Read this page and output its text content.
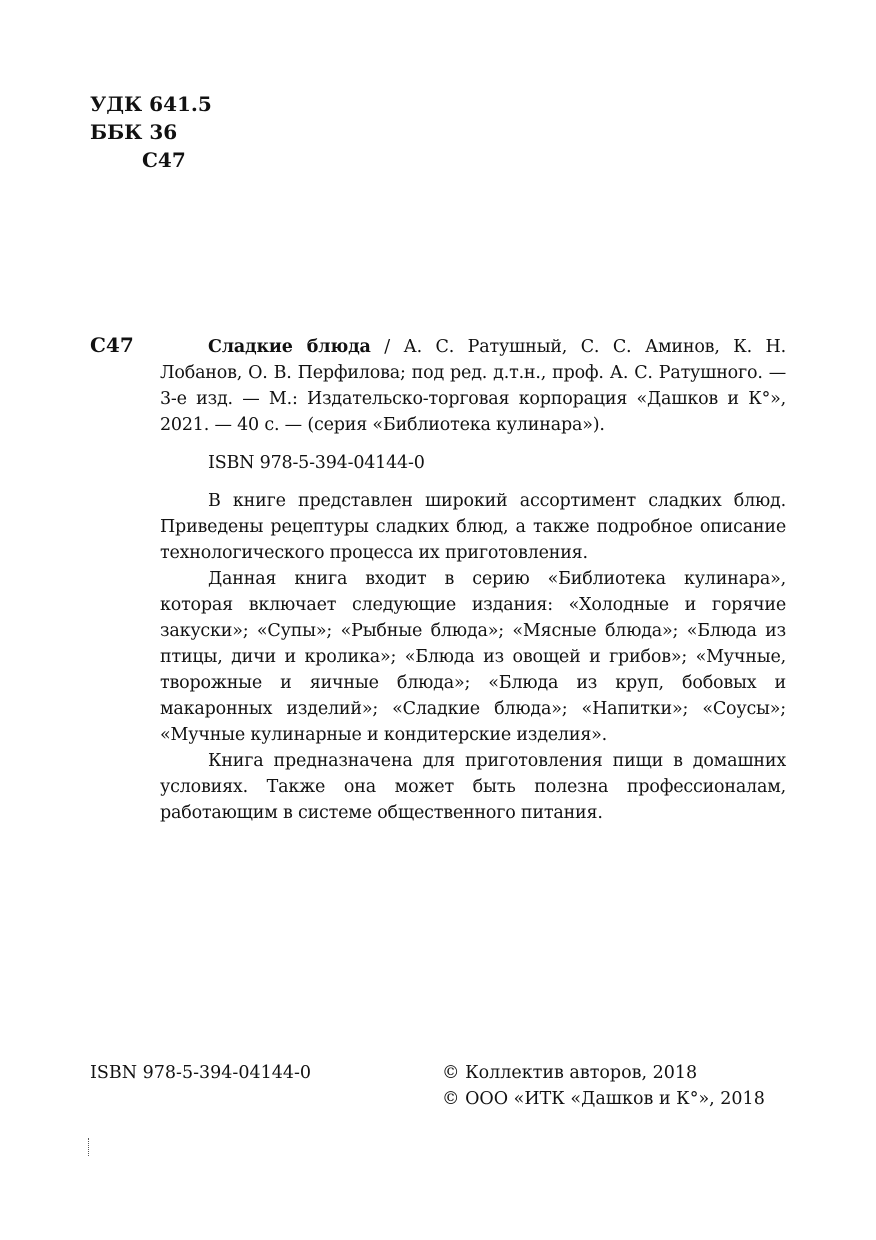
УДК 641.5
ББК 36
С47
С47	Сладкие блюда / А. С. Ратушный, С. С. Аминов, К. Н. Лобанов, О. В. Перфилова; под ред. д.т.н., проф. А. С. Ратушного. — 3-е изд. — М.: Издательско-торговая корпорация «Дашков и К°», 2021. — 40 с. — (серия «Библиотека кулинара»).

ISBN 978-5-394-04144-0

В книге представлен широкий ассортимент сладких блюд. Приведены рецептуры сладких блюд, а также подробное описание технологического процесса их приготовления.

Данная книга входит в серию «Библиотека кулинара», которая включает следующие издания: «Холодные и горячие закуски»; «Супы»; «Рыбные блюда»; «Мясные блюда»; «Блюда из птицы, дичи и кролика»; «Блюда из овощей и грибов»; «Мучные, творожные и яичные блюда»; «Блюда из круп, бобовых и макаронных изделий»; «Сладкие блюда»; «Напитки»; «Соусы»; «Мучные кулинарные и кондитерские изделия».

Книга предназначена для приготовления пищи в домашних условиях. Также она может быть полезна профессионалам, работающим в системе общественного питания.

ISBN 978-5-394-04144-0	© Коллектив авторов, 2018
© ООО «ИТК «Дашков и К°», 2018
